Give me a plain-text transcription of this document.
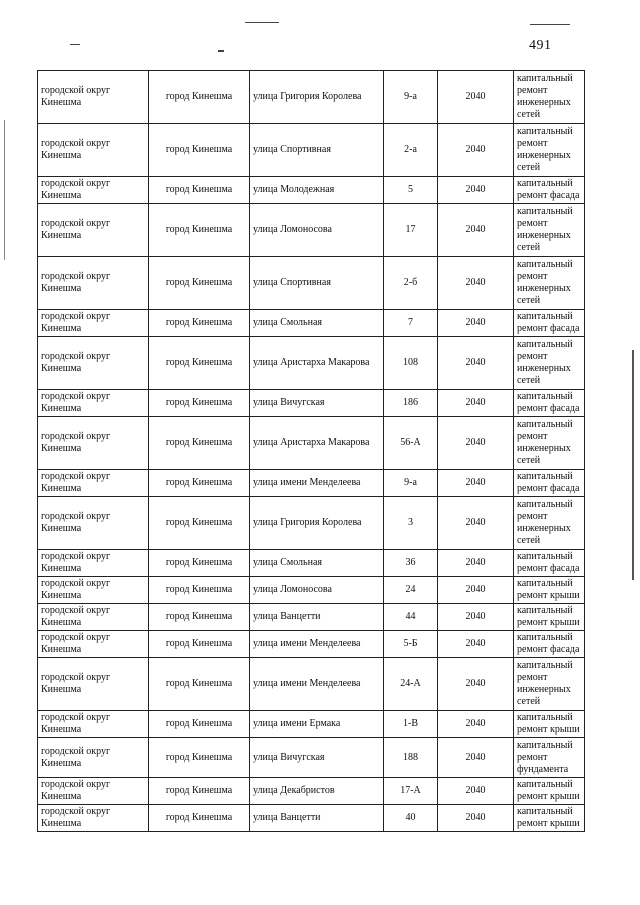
491
городской округ Кинешма	город Кинешма	улица Григория Королева	9-а	2040	капитальный ремонт инженерных сетей
городской округ Кинешма	город Кинешма	улица Спортивная	2-а	2040	капитальный ремонт инженерных сетей
городской округ Кинешма	город Кинешма	улица Молодежная	5	2040	капитальный ремонт фасада
городской округ Кинешма	город Кинешма	улица Ломоносова	17	2040	капитальный ремонт инженерных сетей
городской округ Кинешма	город Кинешма	улица Спортивная	2-б	2040	капитальный ремонт инженерных сетей
городской округ Кинешма	город Кинешма	улица Смольная	7	2040	капитальный ремонт фасада
городской округ Кинешма	город Кинешма	улица Аристарха Макарова	108	2040	капитальный ремонт инженерных сетей
городской округ Кинешма	город Кинешма	улица Вичугская	186	2040	капитальный ремонт фасада
городской округ Кинешма	город Кинешма	улица Аристарха Макарова	56-А	2040	капитальный ремонт инженерных сетей
городской округ Кинешма	город Кинешма	улица имени Менделеева	9-а	2040	капитальный ремонт фасада
городской округ Кинешма	город Кинешма	улица Григория Королева	3	2040	капитальный ремонт инженерных сетей
городской округ Кинешма	город Кинешма	улица Смольная	36	2040	капитальный ремонт фасада
городской округ Кинешма	город Кинешма	улица Ломоносова	24	2040	капитальный ремонт крыши
городской округ Кинешма	город Кинешма	улица Ванцетти	44	2040	капитальный ремонт крыши
городской округ Кинешма	город Кинешма	улица имени Менделеева	5-Б	2040	капитальный ремонт фасада
городской округ Кинешма	город Кинешма	улица имени Менделеева	24-А	2040	капитальный ремонт инженерных сетей
городской округ Кинешма	город Кинешма	улица имени Ермака	1-В	2040	капитальный ремонт крыши
городской округ Кинешма	город Кинешма	улица Вичугская	188	2040	капитальный ремонт фундамента
городской округ Кинешма	город Кинешма	улица Декабристов	17-А	2040	капитальный ремонт крыши
городской округ Кинешма	город Кинешма	улица Ванцетти	40	2040	капитальный ремонт крыши
